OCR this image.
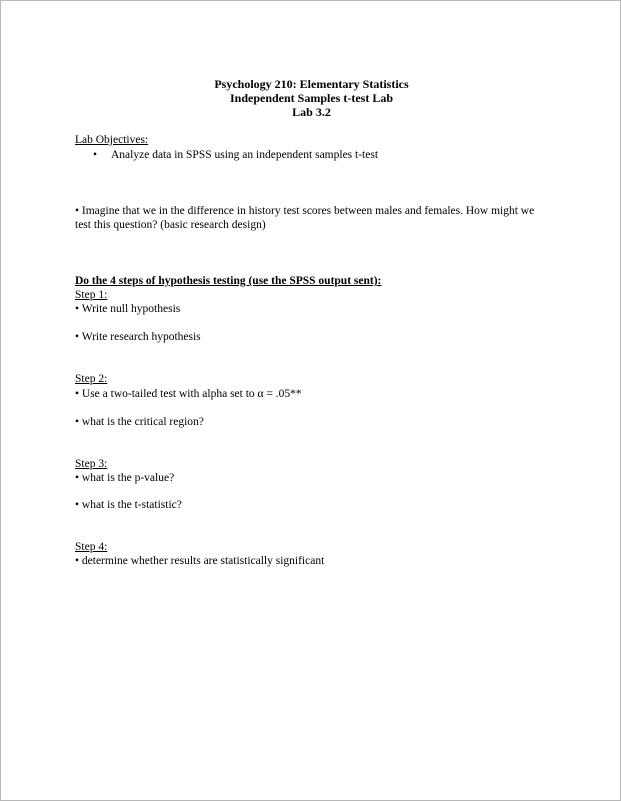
Psychology 210: Elementary Statistics
Independent Samples t-test Lab
Lab 3.2
Lab Objectives:
• Analyze data in SPSS using an independent samples t-test
• Imagine that we in the difference in history test scores between males and females. How might we test this question? (basic research design)
Do the 4 steps of hypothesis testing (use the SPSS output sent):
Step 1:
• Write null hypothesis
• Write research hypothesis
Step 2:
• Use a two-tailed test with alpha set to α = .05**
• what is the critical region?
Step 3:
• what is the p-value?
• what is the t-statistic?
Step 4:
• determine whether results are statistically significant
